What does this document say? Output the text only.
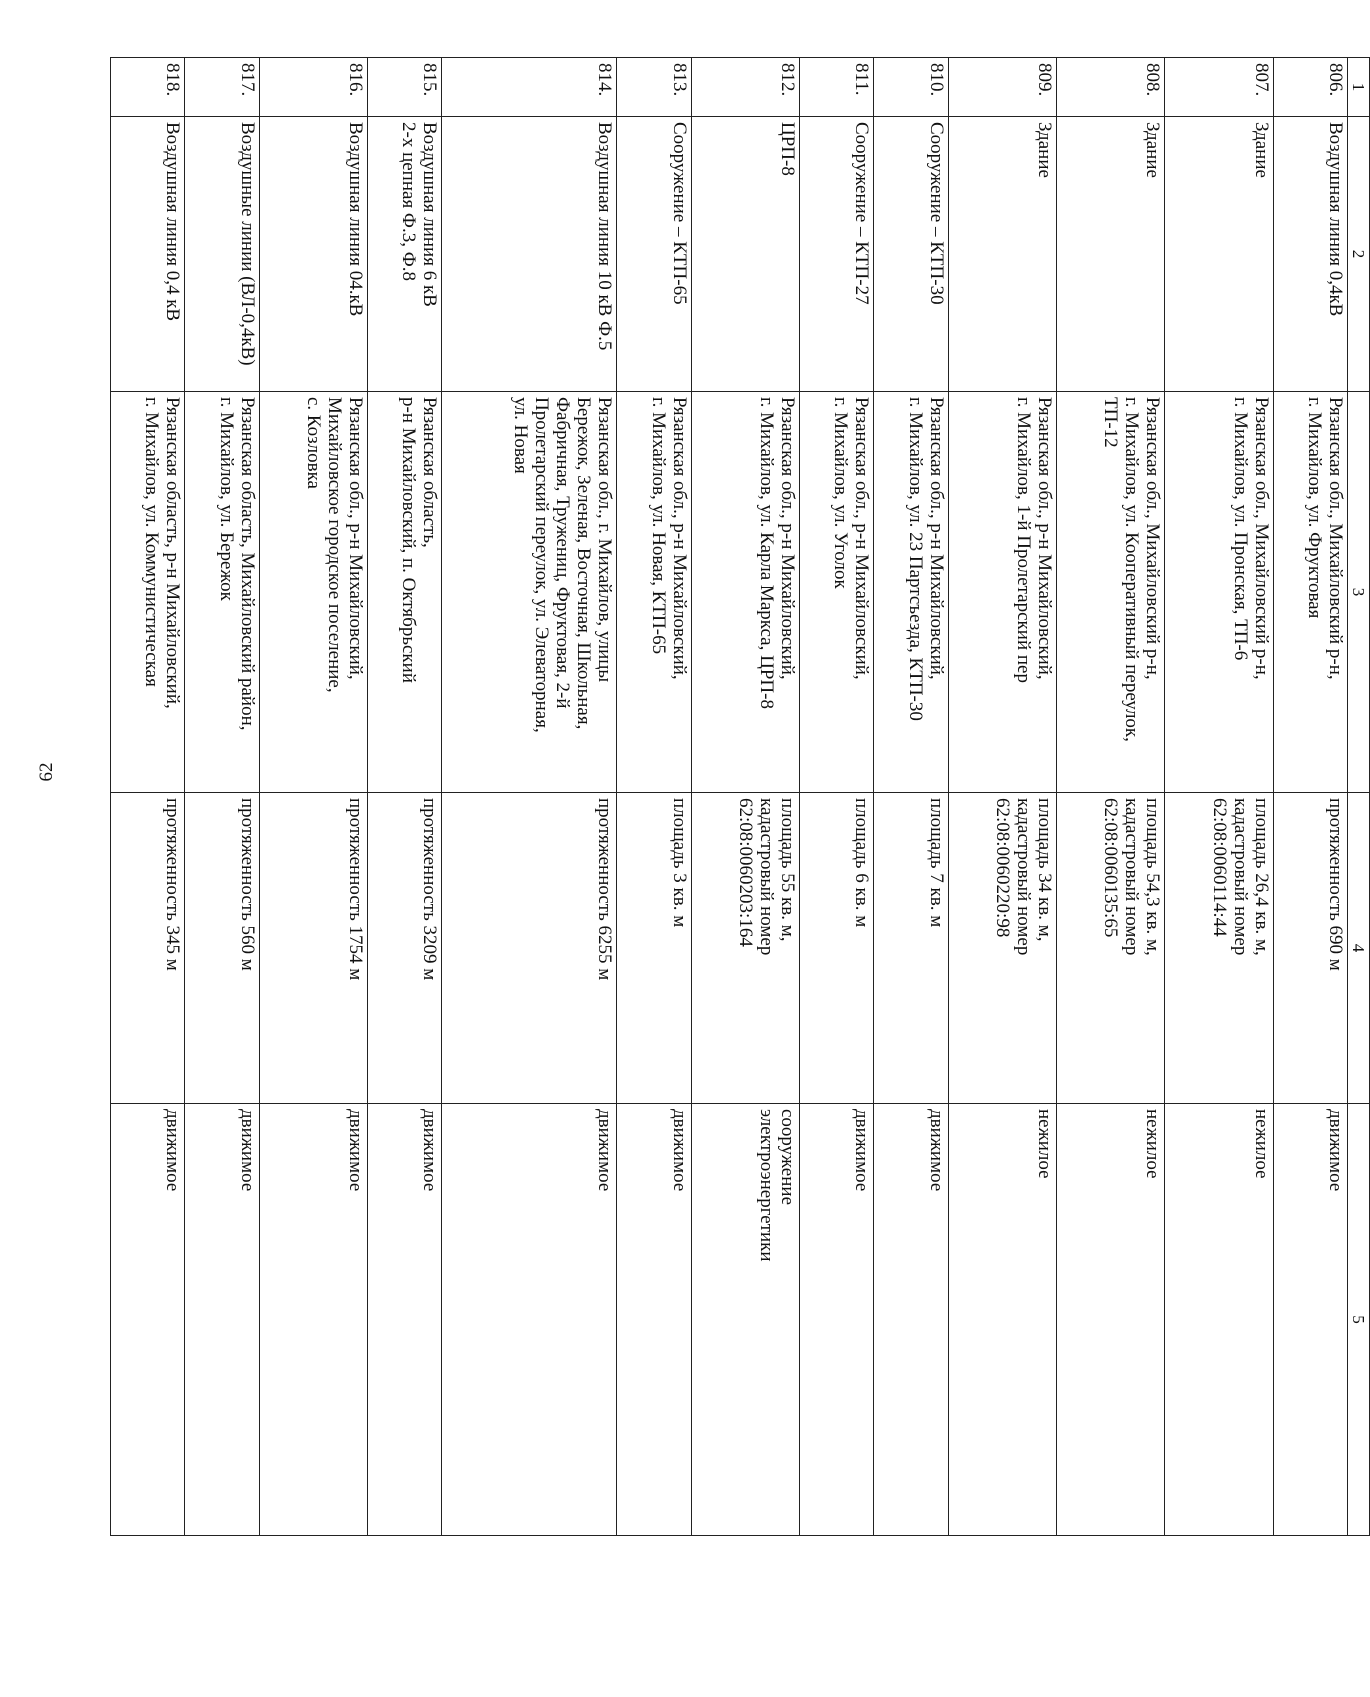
62
1	2	3	4	5
806.	Воздушная линия 0,4кВ	Рязанская обл., Михайловский р-н,
г. Михайлов, ул. Фруктовая	протяженность 690 м	движимое
807.	Здание	Рязанская обл., Михайловский р-н,
г. Михайлов, ул. Пронская, ТП-6	площадь 26,4 кв. м,
кадастровый номер
62:08:0060114:44	нежилое
808.	Здание	Рязанская обл., Михайловский р-н,
г. Михайлов, ул. Кооперативный переулок,
ТП-12	площадь 54,3 кв. м,
кадастровый номер
62:08:0060135:65	нежилое
809.	Здание	Рязанская обл., р-н Михайловский,
г. Михайлов, 1-й Пролетарский пер	площадь 34 кв. м,
кадастровый номер
62:08:0060220:98	нежилое
810.	Сооружение – КТП-30	Рязанская обл., р-н Михайловский,
г. Михайлов, ул. 23 Партсъезда, КТП-30	площадь 7 кв. м	движимое
811.	Сооружение – КТП-27	Рязанская обл., р-н Михайловский,
г. Михайлов, ул. Уголок	площадь 6 кв. м	движимое
812.	ЦРП-8	Рязанская обл., р-н Михайловский,
г. Михайлов, ул. Карла Маркса, ЦРП-8	площадь 55 кв. м,
кадастровый номер
62:08:0060203:164	сооружение
электроэнергетики
813.	Сооружение – КТП-65	Рязанская обл., р-н Михайловский,
г. Михайлов, ул. Новая, КТП-65	площадь 3 кв. м	движимое
814.	Воздушная линия 10 кВ Ф.5	Рязанская обл., г. Михайлов, улицы
Бережок, Зеленая, Восточная, Школьная,
Фабричная, Тружениц, Фруктовая, 2-й
Пролетарский переулок, ул. Элеваторная,
ул. Новая	протяженность 6255 м	движимое
815.	Воздушная линия 6 кВ
2-х цепная Ф.3, Ф.8	Рязанская область,
р-н Михайловский, п. Октябрьский	протяженность 3209 м	движимое
816.	Воздушная линия 04.кВ	Рязанская обл., р-н Михайловский,
Михайловское городское поселение,
с. Козловка	протяженность 1754 м	движимое
817.	Воздушные линии (ВЛ-0,4кВ)	Рязанская область, Михайловский район,
г. Михайлов, ул. Бережок	протяженность 560 м	движимое
818.	Воздушная линия 0,4 кВ	Рязанская область, р-н Михайловский,
г. Михайлов, ул. Коммунистическая	протяженность 345 м	движимое
